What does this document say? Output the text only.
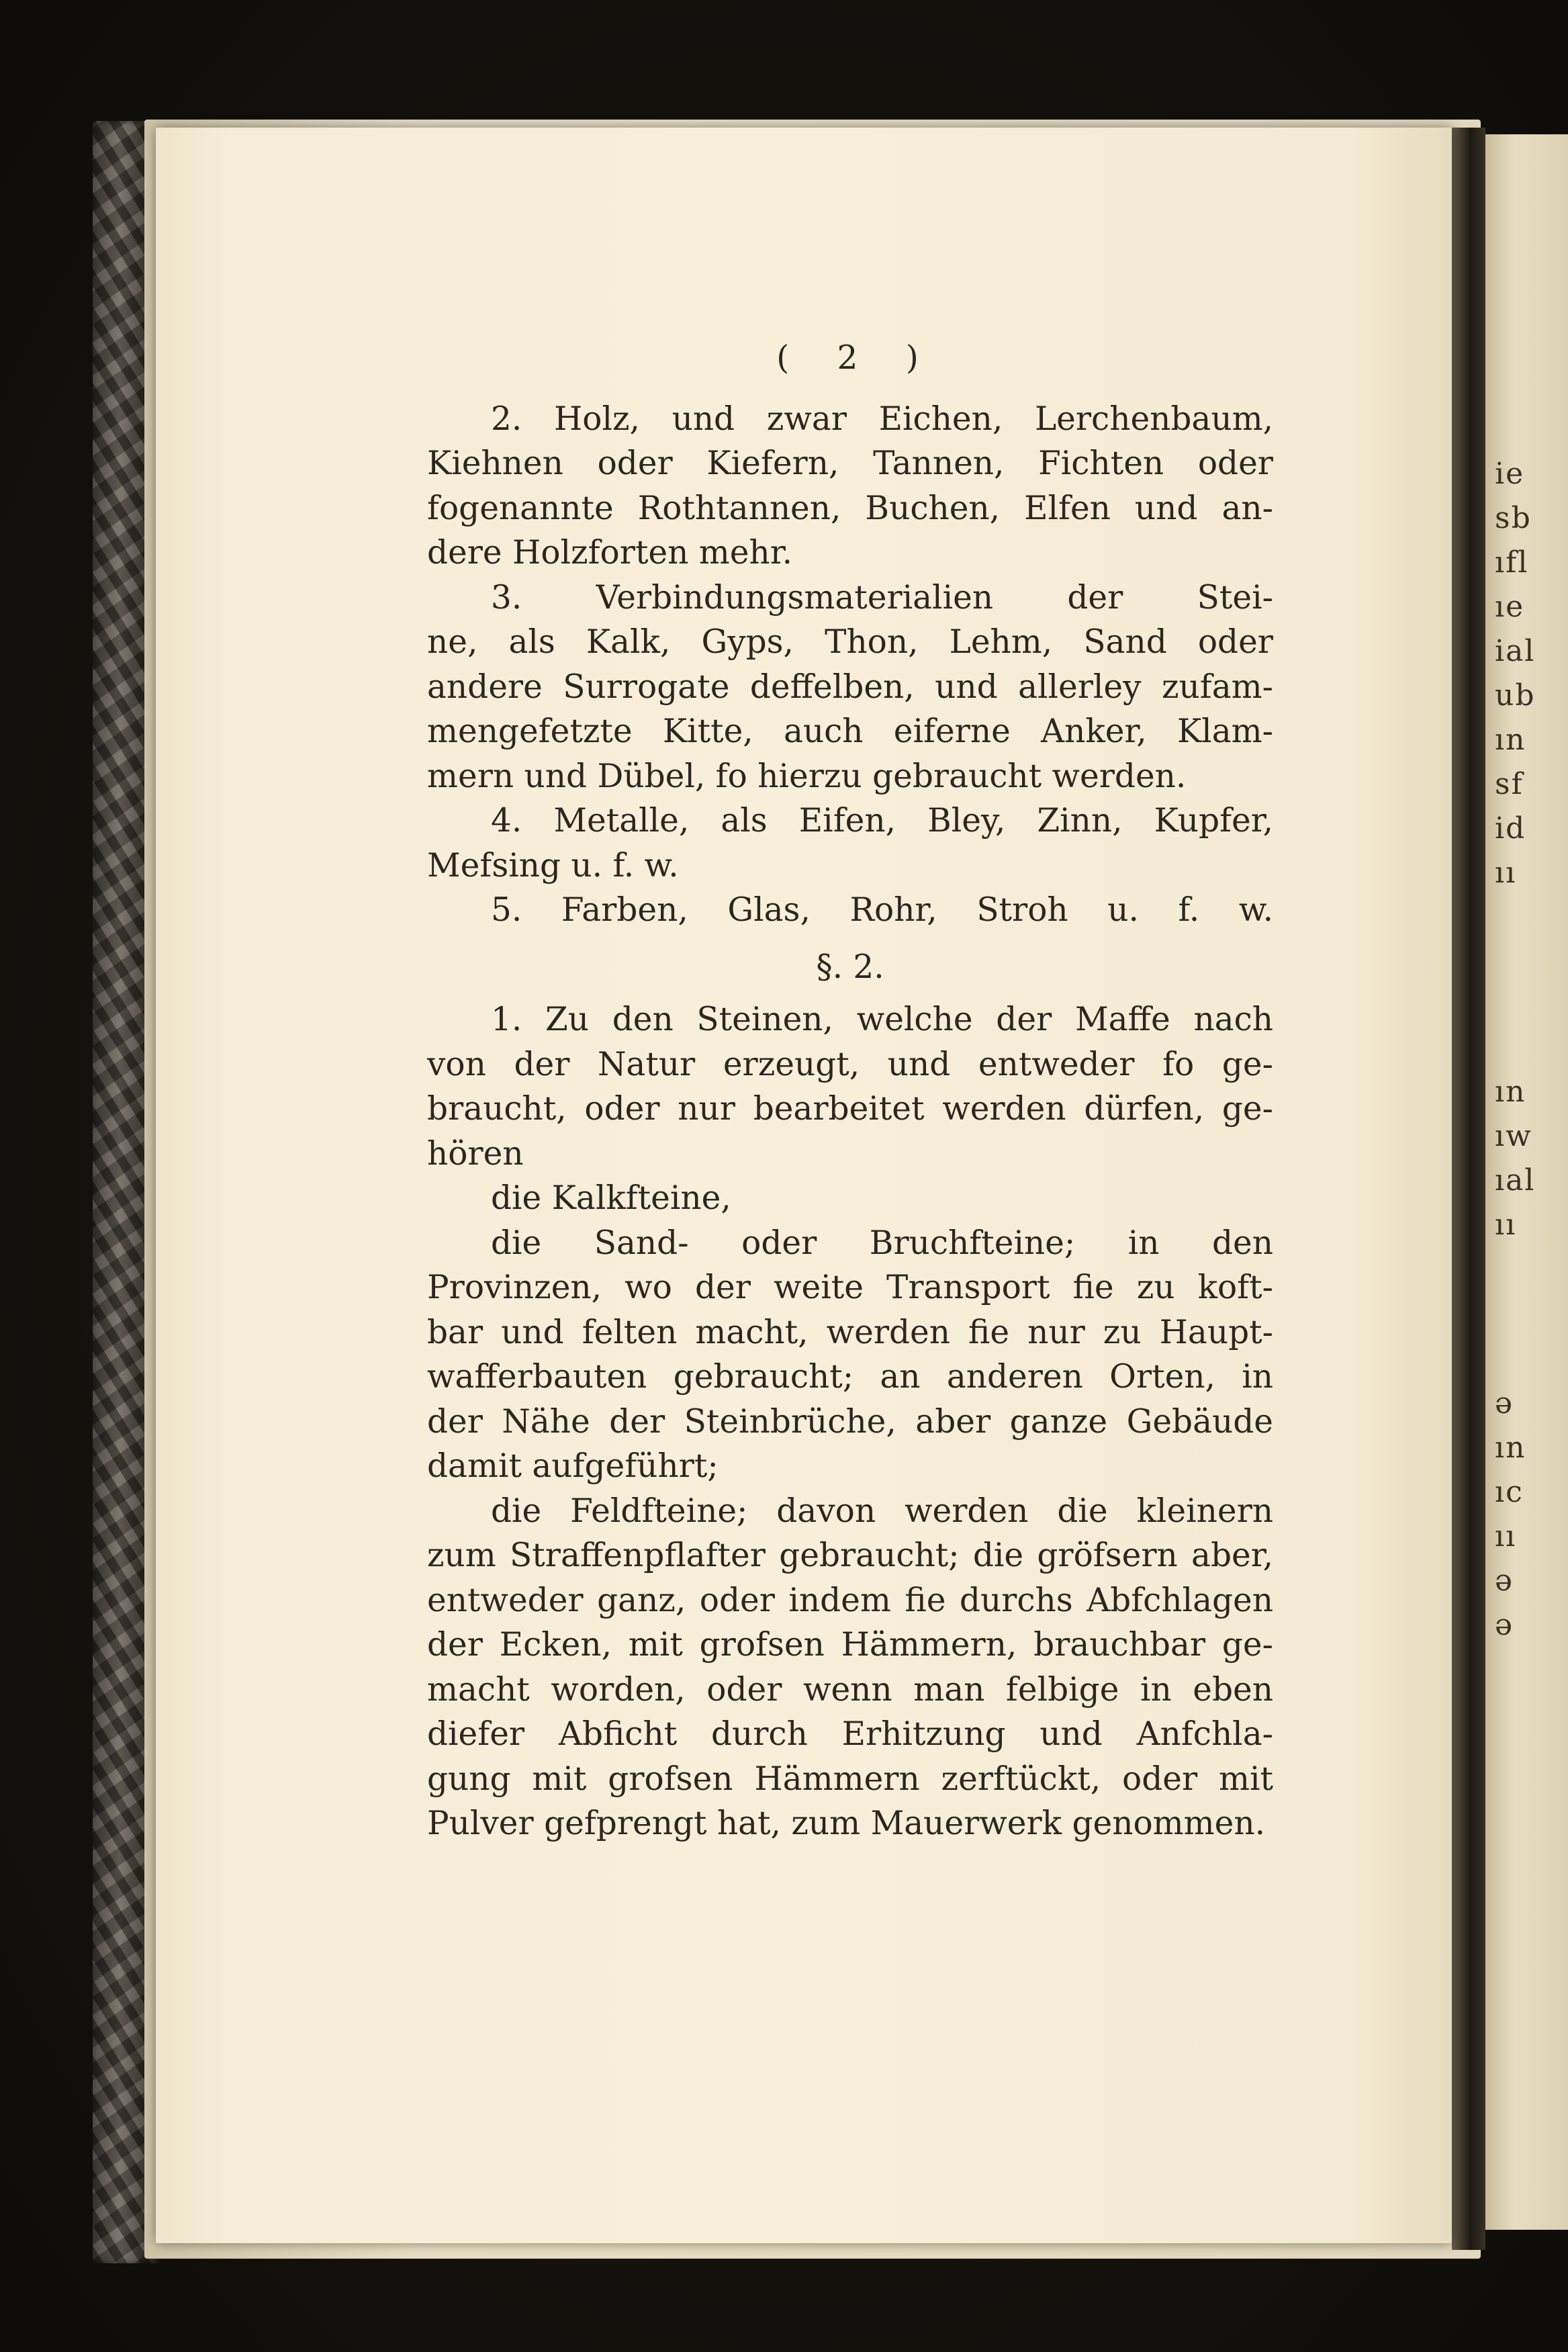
ie
sb
ıfl
ıe
ial
ub
ın
sf
id
ıı
ın
ıw
ıal
ıı
ə
ın
ıc
ıı
ə
ə
( 2 )
2. Holz, und zwar Eichen, Lerchenbaum,
Kiehnen oder Kiefern, Tannen, Fichten oder
fogenannte Rothtannen, Buchen, Elfen und an-
dere Holzforten mehr.
3. Verbindungsmaterialien der Stei-
ne, als Kalk, Gyps, Thon, Lehm, Sand oder
andere Surrogate deffelben, und allerley zufam-
mengefetzte Kitte, auch eiferne Anker, Klam-
mern und Dübel, fo hierzu gebraucht werden.
4. Metalle, als Eifen, Bley, Zinn, Kupfer,
Mefsing u. f. w.
5. Farben, Glas, Rohr, Stroh u. f. w.
§. 2.
1. Zu den Steinen, welche der Maffe nach
von der Natur erzeugt, und entweder fo ge-
braucht, oder nur bearbeitet werden dürfen, ge-
hören
die Kalkfteine,
die Sand- oder Bruchfteine; in den
Provinzen, wo der weite Transport fie zu koft-
bar und felten macht, werden fie nur zu Haupt-
wafferbauten gebraucht; an anderen Orten, in
der Nähe der Steinbrüche, aber ganze Gebäude
damit aufgeführt;
die Feldfteine; davon werden die kleinern
zum Straffenpflafter gebraucht; die gröfsern aber,
entweder ganz, oder indem fie durchs Abfchlagen
der Ecken, mit grofsen Hämmern, brauchbar ge-
macht worden, oder wenn man felbige in eben
diefer Abficht durch Erhitzung und Anfchla-
gung mit grofsen Hämmern zerftückt, oder mit
Pulver gefprengt hat, zum Mauerwerk genommen.
